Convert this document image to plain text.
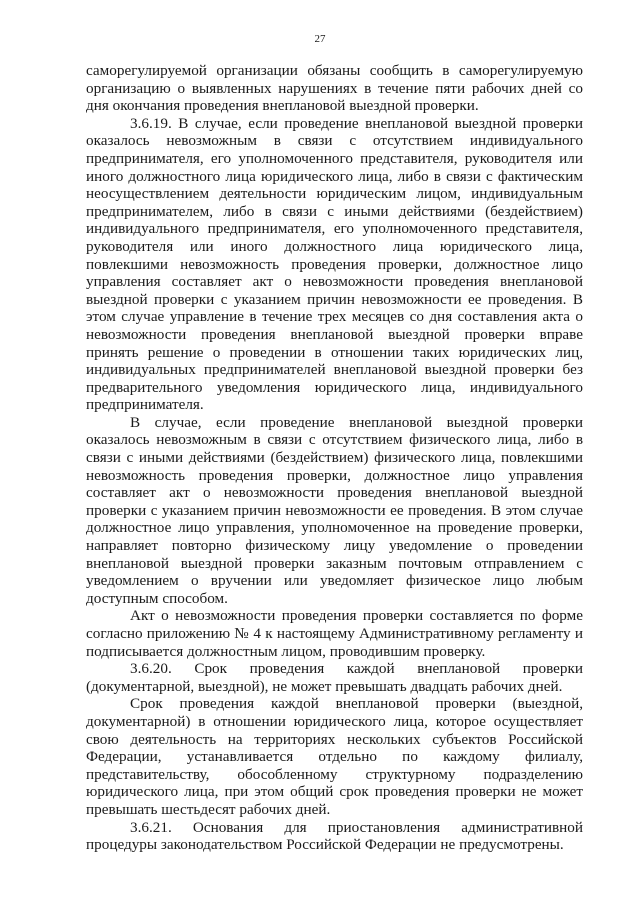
27

саморегулируемой организации обязаны сообщить в саморегулируемую организацию о выявленных нарушениях в течение пяти рабочих дней со дня окончания проведения внеплановой выездной проверки.

3.6.19. В случае, если проведение внеплановой выездной проверки оказалось невозможным в связи с отсутствием индивидуального предпринимателя, его уполномоченного представителя, руководителя или иного должностного лица юридического лица, либо в связи с фактическим неосуществлением деятельности юридическим лицом, индивидуальным предпринимателем, либо в связи с иными действиями (бездействием) индивидуального предпринимателя, его уполномоченного представителя, руководителя или иного должностного лица юридического лица, повлекшими невозможность проведения проверки, должностное лицо управления составляет акт о невозможности проведения внеплановой выездной проверки с указанием причин невозможности ее проведения. В этом случае управление в течение трех месяцев со дня составления акта о невозможности проведения внеплановой выездной проверки вправе принять решение о проведении в отношении таких юридических лиц, индивидуальных предпринимателей внеплановой выездной проверки без предварительного уведомления юридического лица, индивидуального предпринимателя.

В случае, если проведение внеплановой выездной проверки оказалось невозможным в связи с отсутствием физического лица, либо в связи с иными действиями (бездействием) физического лица, повлекшими невозможность проведения проверки, должностное лицо управления составляет акт о невозможности проведения внеплановой выездной проверки с указанием причин невозможности ее проведения. В этом случае должностное лицо управления, уполномоченное на проведение проверки, направляет повторно физическому лицу уведомление о проведении внеплановой выездной проверки заказным почтовым отправлением с уведомлением о вручении или уведомляет физическое лицо любым доступным способом.

Акт о невозможности проведения проверки составляется по форме согласно приложению № 4 к настоящему Административному регламенту и подписывается должностным лицом, проводившим проверку.

3.6.20. Срок проведения каждой внеплановой проверки (документарной, выездной), не может превышать двадцать рабочих дней.

Срок проведения каждой внеплановой проверки (выездной, документарной) в отношении юридического лица, которое осуществляет свою деятельность на территориях нескольких субъектов Российской Федерации, устанавливается отдельно по каждому филиалу, представительству, обособленному структурному подразделению юридического лица, при этом общий срок проведения проверки не может превышать шестьдесят рабочих дней.

3.6.21. Основания для приостановления административной процедуры законодательством Российской Федерации не предусмотрены.
